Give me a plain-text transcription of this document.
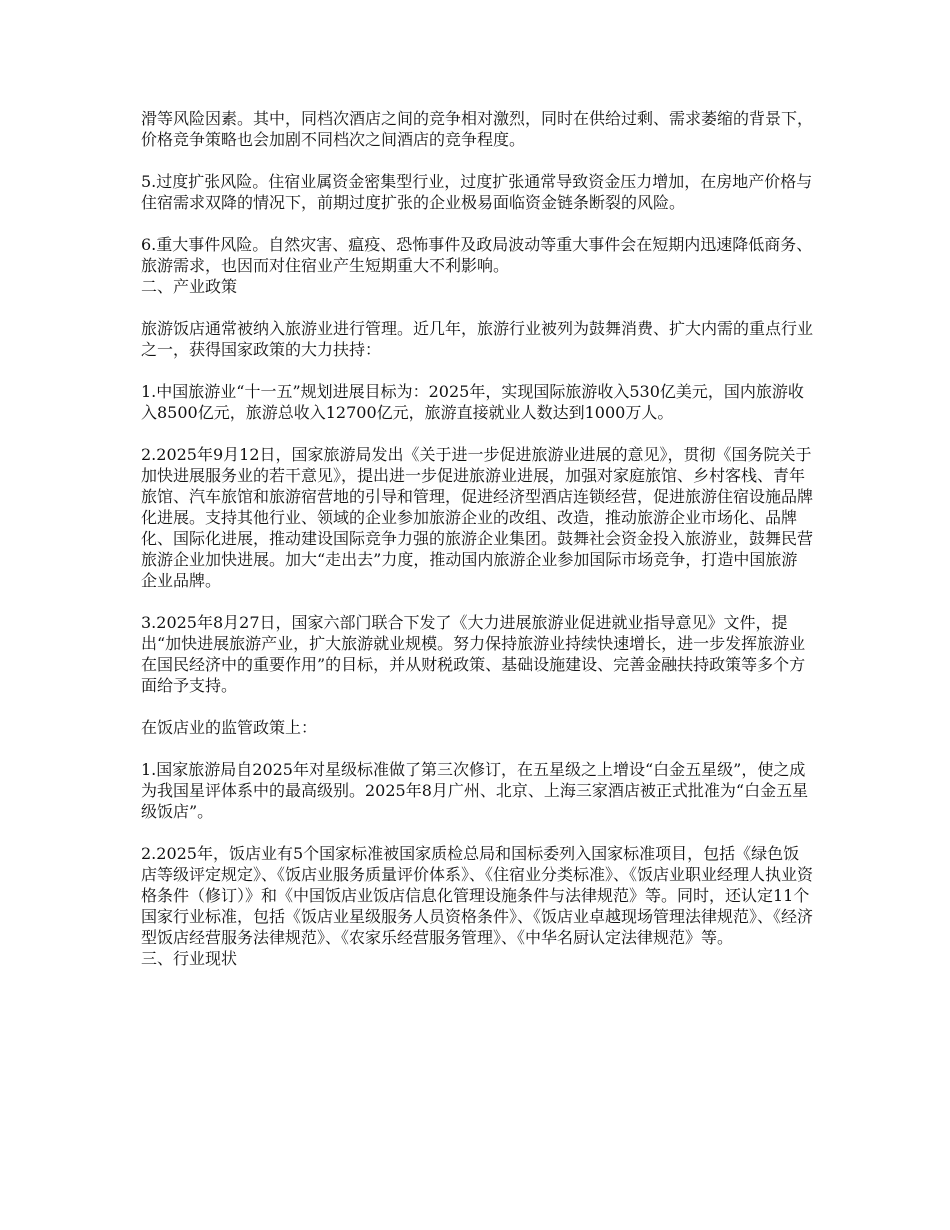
滑等风险因素。其中，同档次酒店之间的竞争相对激烈，同时在供给过剩、需求萎缩的背景下，价格竞争策略也会加剧不同档次之间酒店的竞争程度。

5.过度扩张风险。住宿业属资金密集型行业，过度扩张通常导致资金压力增加，在房地产价格与住宿需求双降的情况下，前期过度扩张的企业极易面临资金链条断裂的风险。

6.重大事件风险。自然灾害、瘟疫、恐怖事件及政局波动等重大事件会在短期内迅速降低商务、旅游需求，也因而对住宿业产生短期重大不利影响。

二、产业政策

旅游饭店通常被纳入旅游业进行管理。近几年，旅游行业被列为鼓舞消费、扩大内需的重点行业之一，获得国家政策的大力扶持：

1.中国旅游业“十一五”规划进展目标为：2025年，实现国际旅游收入530亿美元，国内旅游收入8500亿元，旅游总收入12700亿元，旅游直接就业人数达到1000万人。

2.2025年9月12日，国家旅游局发出《关于进一步促进旅游业进展的意见》，贯彻《国务院关于加快进展服务业的若干意见》，提出进一步促进旅游业进展，加强对家庭旅馆、乡村客栈、青年旅馆、汽车旅馆和旅游宿营地的引导和管理，促进经济型酒店连锁经营，促进旅游住宿设施品牌化进展。支持其他行业、领域的企业参加旅游企业的改组、改造，推动旅游企业市场化、品牌化、国际化进展，推动建设国际竞争力强的旅游企业集团。鼓舞社会资金投入旅游业，鼓舞民营旅游企业加快进展。加大“走出去”力度，推动国内旅游企业参加国际市场竞争，打造中国旅游企业品牌。

3.2025年8月27日，国家六部门联合下发了《大力进展旅游业促进就业指导意见》文件，提出“加快进展旅游产业，扩大旅游就业规模。努力保持旅游业持续快速增长，进一步发挥旅游业在国民经济中的重要作用”的目标，并从财税政策、基础设施建设、完善金融扶持政策等多个方面给予支持。

在饭店业的监管政策上：

1.国家旅游局自2025年对星级标准做了第三次修订，在五星级之上增设“白金五星级”，使之成为我国星评体系中的最高级别。2025年8月广州、北京、上海三家酒店被正式批准为“白金五星级饭店”。

2.2025年，饭店业有5个国家标准被国家质检总局和国标委列入国家标准项目，包括《绿色饭店等级评定规定》、《饭店业服务质量评价体系》、《住宿业分类标准》、《饭店业职业经理人执业资格条件（修订）》和《中国饭店业饭店信息化管理设施条件与法律规范》等。同时，还认定11个国家行业标准，包括《饭店业星级服务人员资格条件》、《饭店业卓越现场管理法律规范》、《经济型饭店经营服务法律规范》、《农家乐经营服务管理》、《中华名厨认定法律规范》等。

三、行业现状
